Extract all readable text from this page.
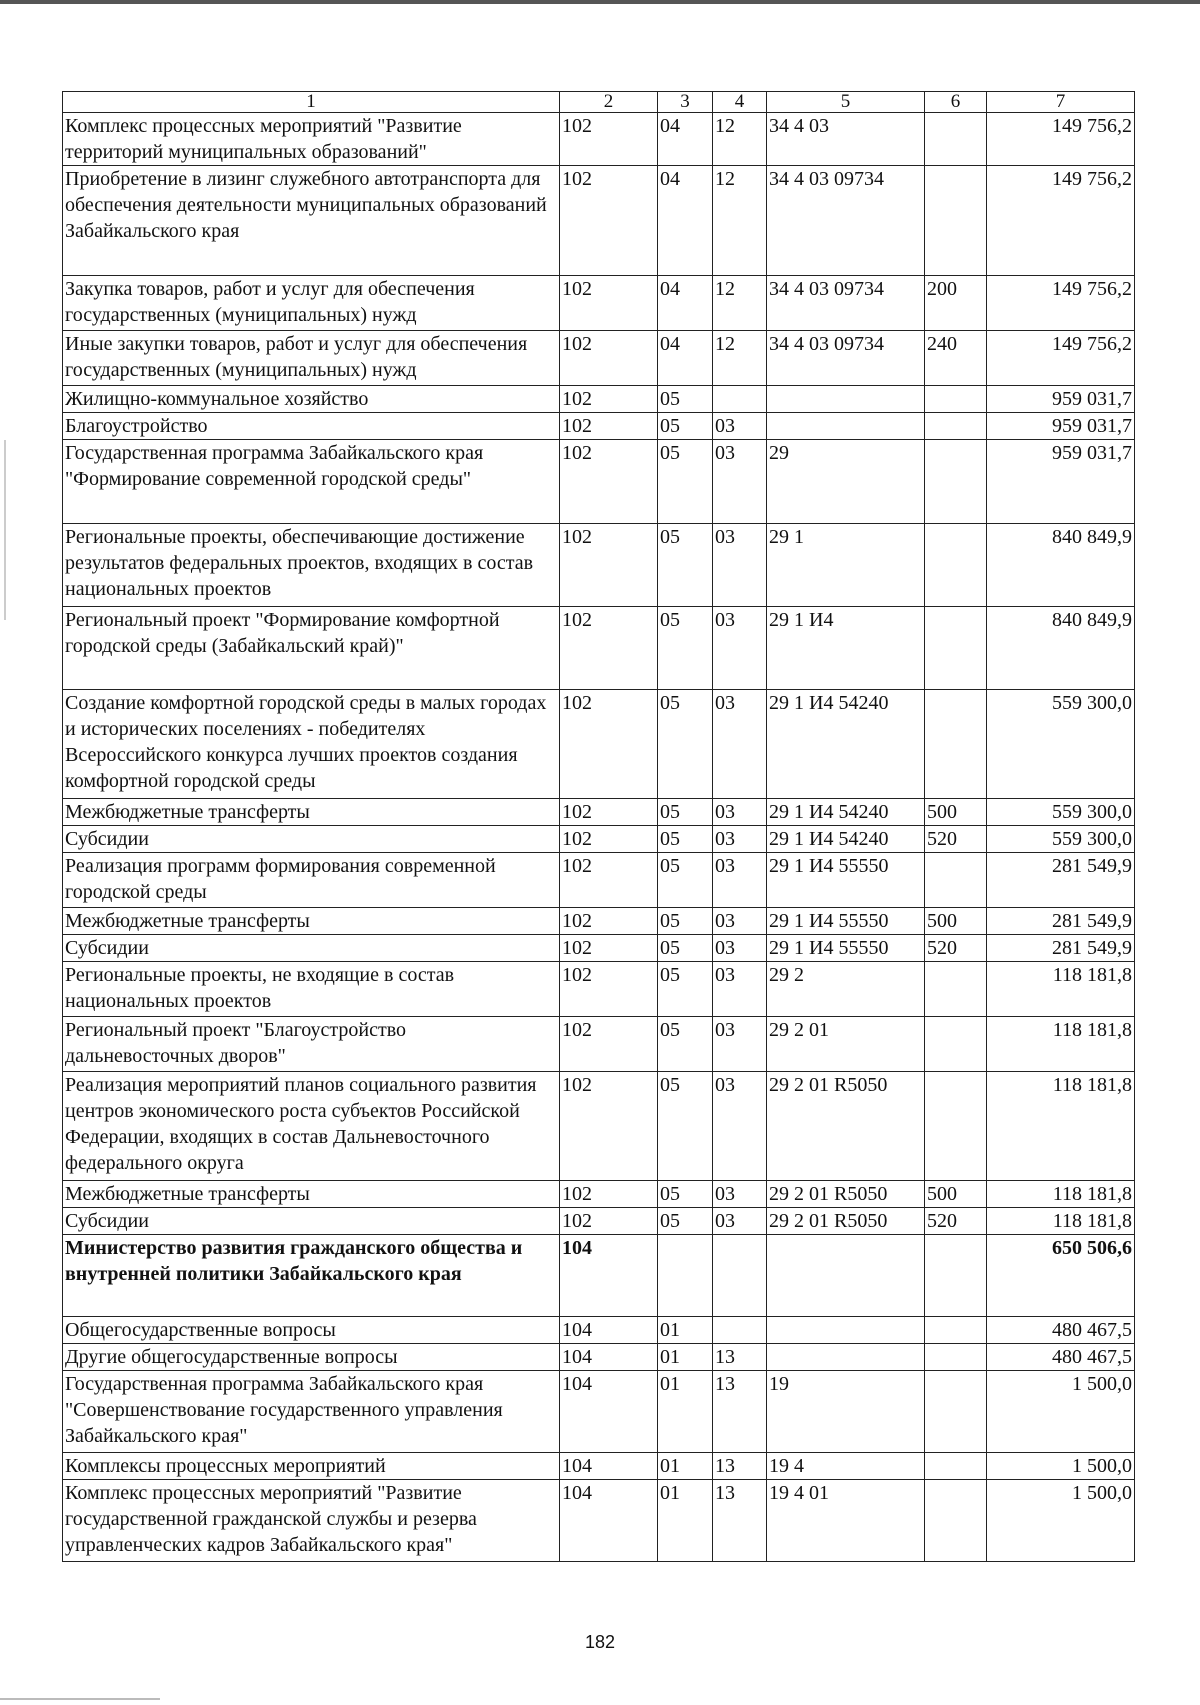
1	2	3	4	5	6	7
Комплекс процессных мероприятий "Развитие территорий муниципальных образований"	102	04	12	34 4 03		149 756,2
Приобретение в лизинг служебного автотранспорта для обеспечения деятельности муниципальных образований Забайкальского края	102	04	12	34 4 03 09734		149 756,2
Закупка товаров, работ и услуг для обеспечения государственных (муниципальных) нужд	102	04	12	34 4 03 09734	200	149 756,2
Иные закупки товаров, работ и услуг для обеспечения государственных (муниципальных) нужд	102	04	12	34 4 03 09734	240	149 756,2
Жилищно-коммунальное хозяйство	102	05				959 031,7
Благоустройство	102	05	03			959 031,7
Государственная программа Забайкальского края "Формирование современной городской среды"	102	05	03	29		959 031,7
Региональные проекты, обеспечивающие достижение результатов федеральных проектов, входящих в состав национальных проектов	102	05	03	29 1		840 849,9
Региональный проект "Формирование комфортной городской среды (Забайкальский край)"	102	05	03	29 1 И4		840 849,9
Создание комфортной городской среды в малых городах и исторических поселениях - победителях Всероссийского конкурса лучших проектов создания комфортной городской среды	102	05	03	29 1 И4 54240		559 300,0
Межбюджетные трансферты	102	05	03	29 1 И4 54240	500	559 300,0
Субсидии	102	05	03	29 1 И4 54240	520	559 300,0
Реализация программ формирования современной городской среды	102	05	03	29 1 И4 55550		281 549,9
Межбюджетные трансферты	102	05	03	29 1 И4 55550	500	281 549,9
Субсидии	102	05	03	29 1 И4 55550	520	281 549,9
Региональные проекты, не входящие в состав национальных проектов	102	05	03	29 2		118 181,8
Региональный проект "Благоустройство дальневосточных дворов"	102	05	03	29 2 01		118 181,8
Реализация мероприятий планов социального развития центров экономического роста субъектов Российской Федерации, входящих в состав Дальневосточного федерального округа	102	05	03	29 2 01 R5050		118 181,8
Межбюджетные трансферты	102	05	03	29 2 01 R5050	500	118 181,8
Субсидии	102	05	03	29 2 01 R5050	520	118 181,8
Министерство развития гражданского общества и внутренней политики Забайкальского края	104					650 506,6
Общегосударственные вопросы	104	01				480 467,5
Другие общегосударственные вопросы	104	01	13			480 467,5
Государственная программа Забайкальского края "Совершенствование государственного управления Забайкальского края"	104	01	13	19		1 500,0
Комплексы процессных мероприятий	104	01	13	19 4		1 500,0
Комплекс процессных мероприятий "Развитие государственной гражданской службы и резерва управленческих кадров Забайкальского края"	104	01	13	19 4 01		1 500,0
182
